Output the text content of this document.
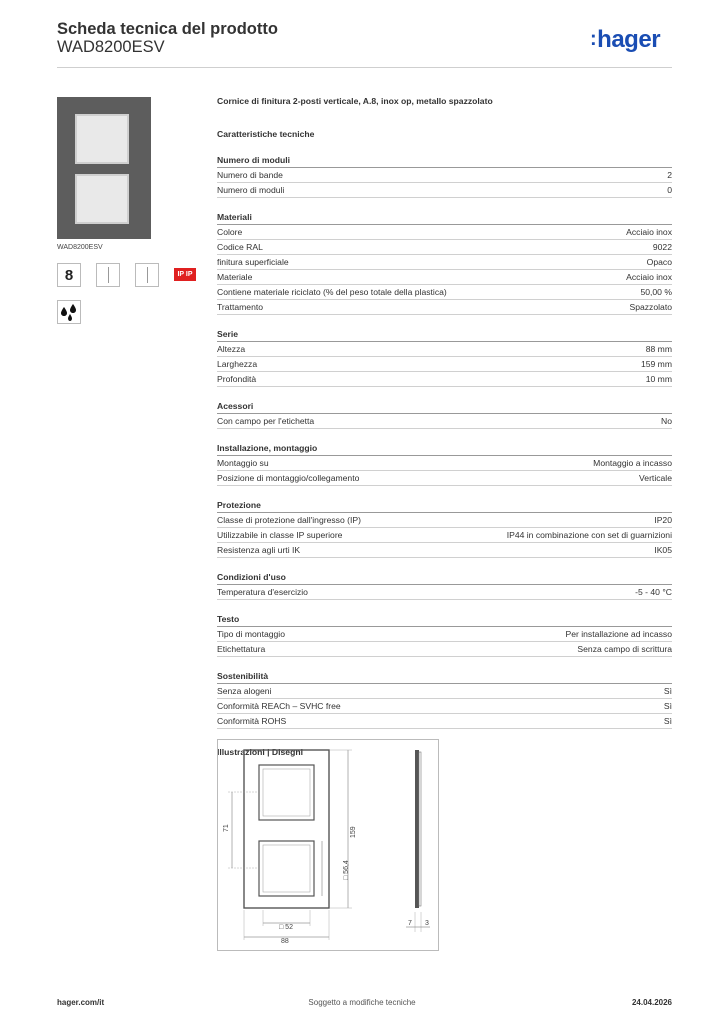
Scheda tecnica del prodotto
WAD8200ESV	:hager
WAD8200ESV
8	IP IP
Cornice di finitura 2-posti verticale, A.8, inox op, metallo spazzolato
Caratteristiche tecniche
Numero di moduli
Numero di bande	2
Numero di moduli	0
Materiali
Colore	Acciaio inox
Codice RAL	9022
finitura superficiale	Opaco
Materiale	Acciaio inox
Contiene materiale riciclato (% del peso totale della plastica)	50,00 %
Trattamento	Spazzolato
Serie
Altezza	88 mm
Larghezza	159 mm
Profondità	10 mm
Acessori
Con campo per l'etichetta	No
Installazione, montaggio
Montaggio su	Montaggio a incasso
Posizione di montaggio/collegamento	Verticale
Protezione
Classe di protezione dall'ingresso (IP)	IP20
Utilizzabile in classe IP superiore	IP44 in combinazione con set di guarnizioni
Resistenza agli urti IK	IK05
Condizioni d'uso
Temperatura d'esercizio	-5 - 40 °C
Testo
Tipo di montaggio	Per installazione ad incasso
Etichettatura	Senza campo di scrittura
Sostenibilità
Senza alogeni	Sì
Conformità REACh – SVHC free	Sì
Conformità ROHS	Sì
Illustrazioni | Disegni
71	159
□ 56,4
□ 52
88
7 3
hager.com/it	Soggetto a modifiche tecniche	24.04.2026
